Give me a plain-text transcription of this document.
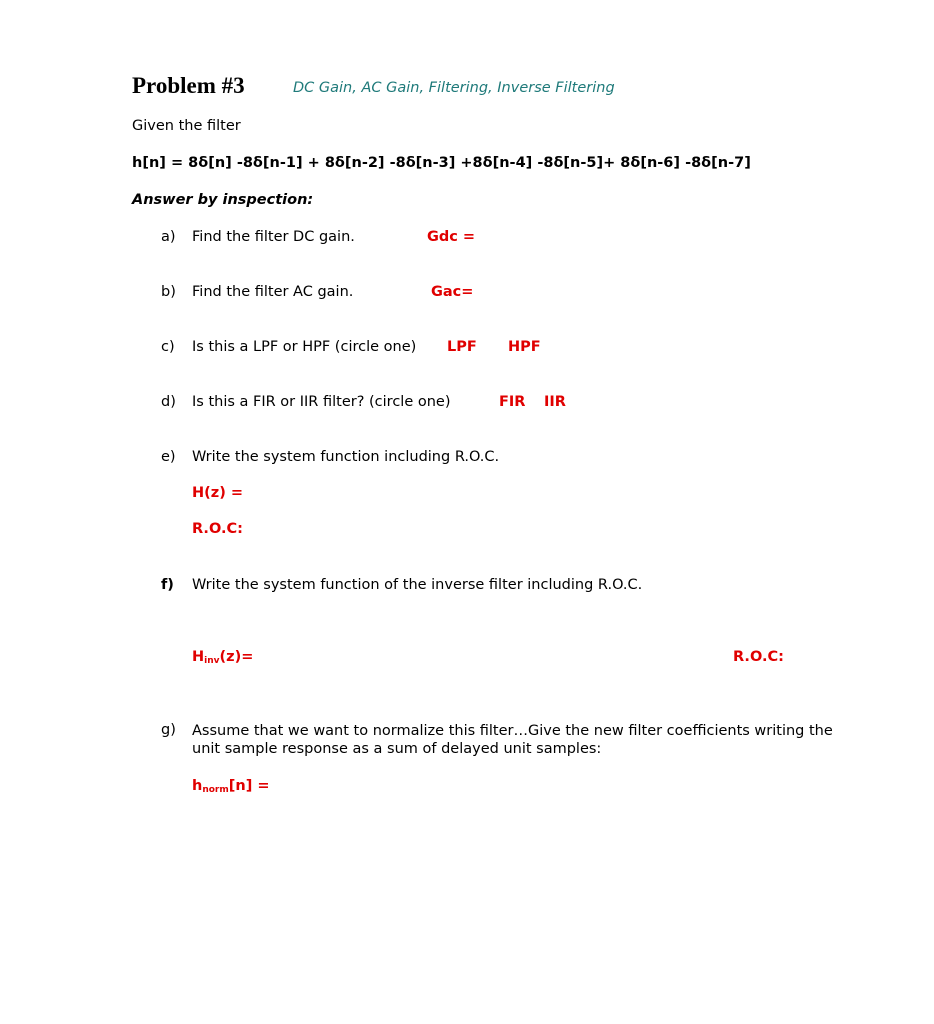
Problem #3	DC Gain, AC Gain, Filtering, Inverse Filtering
Given the filter
h[n] = 8δ[n] -8δ[n-1] + 8δ[n-2] -8δ[n-3] +8δ[n-4] -8δ[n-5]+ 8δ[n-6] -8δ[n-7]
Answer by inspection:
a) Find the filter DC gain.	Gdc =
b) Find the filter AC gain.	Gac=
c) Is this a LPF or HPF (circle one) LPF HPF
d) Is this a FIR or IIR filter? (circle one)	FIR IIR
e) Write the system function including R.O.C.
H(z) =
R.O.C:
f) Write the system function of the inverse filter including R.O.C.
$H_{inv}(z)=$	R.O.C:
g) Assume that we want to normalize this filter…Give the new filter coefficients writing the unit sample response as a sum of delayed unit samples:
$h_{norm}[n]$ =
